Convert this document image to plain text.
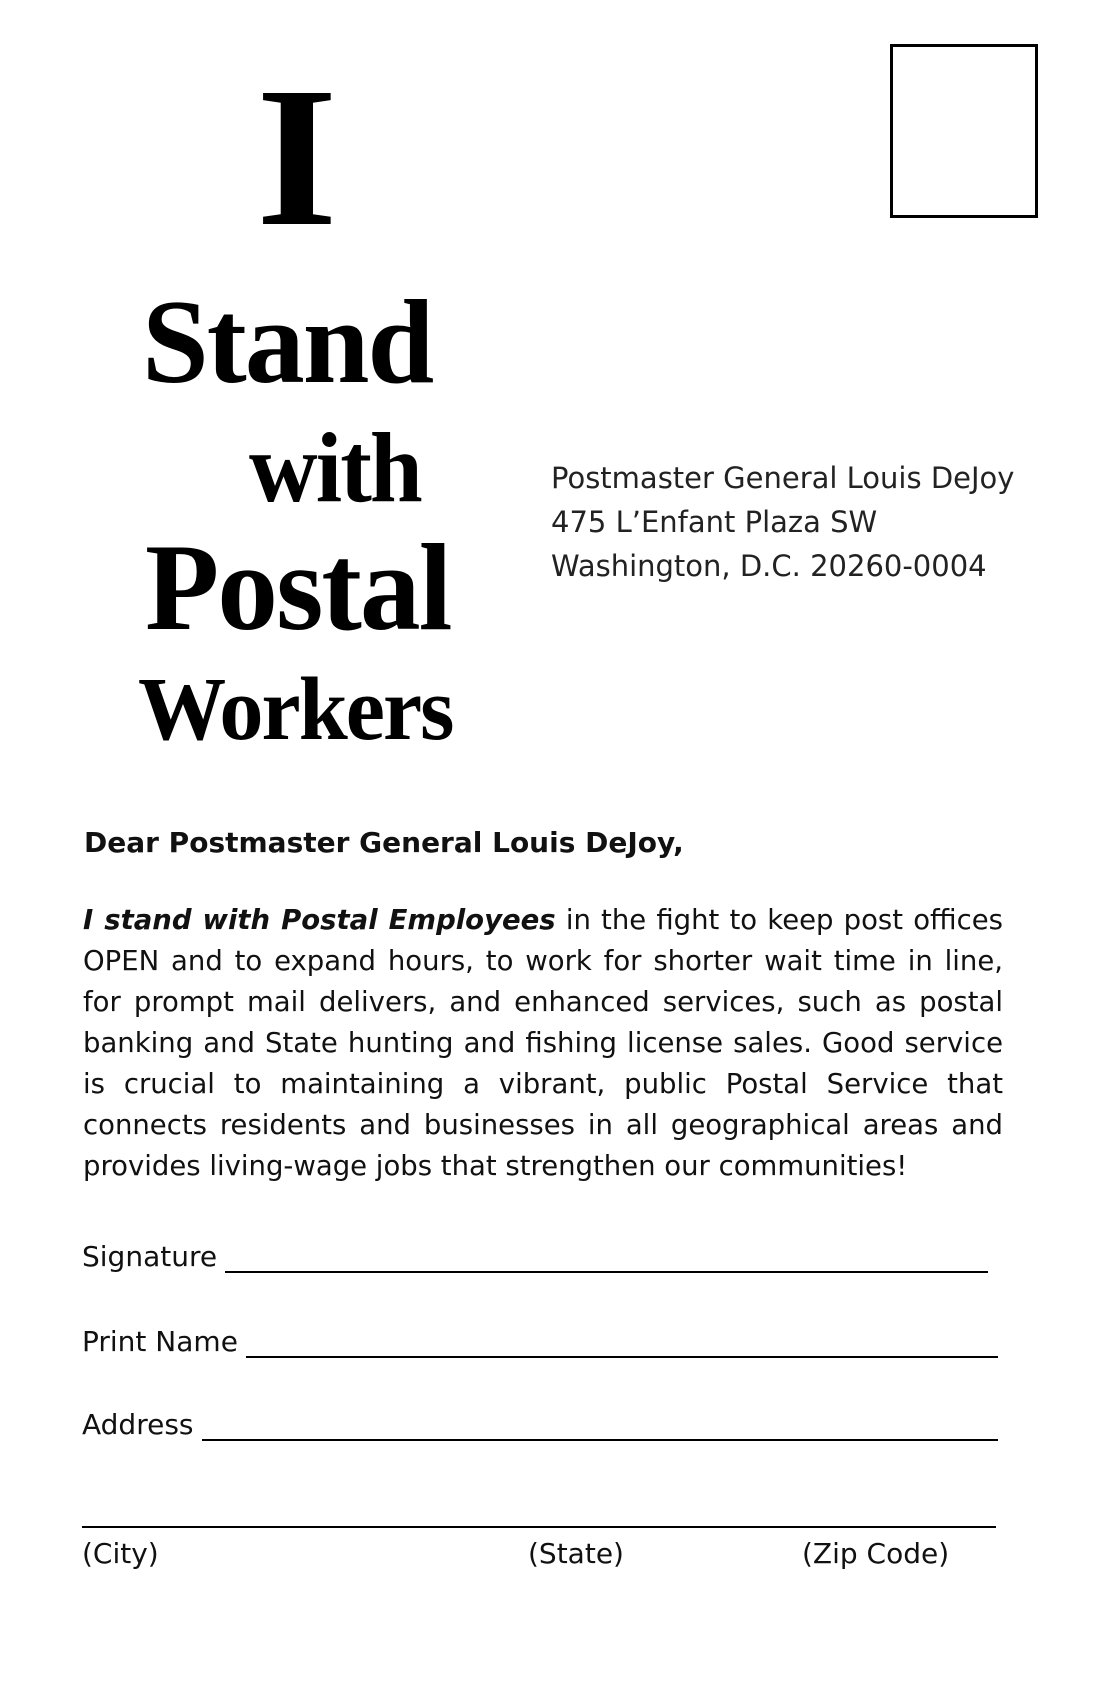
I
Stand
with
Postal
Workers
Postmaster General Louis DeJoy
475 L’Enfant Plaza SW
Washington, D.C. 20260-0004
Dear Postmaster General Louis DeJoy,
I stand with Postal Employees in the fight to keep post offices OPEN and to expand hours, to work for shorter wait time in line, for prompt mail delivers, and enhanced services, such as postal banking and State hunting and fishing license sales. Good service is crucial to maintaining a vibrant, public Postal Service that connects residents and businesses in all geographical areas and provides living-wage jobs that strengthen our communities!
Signature
Print Name
Address
(City)	(State)	(Zip Code)
